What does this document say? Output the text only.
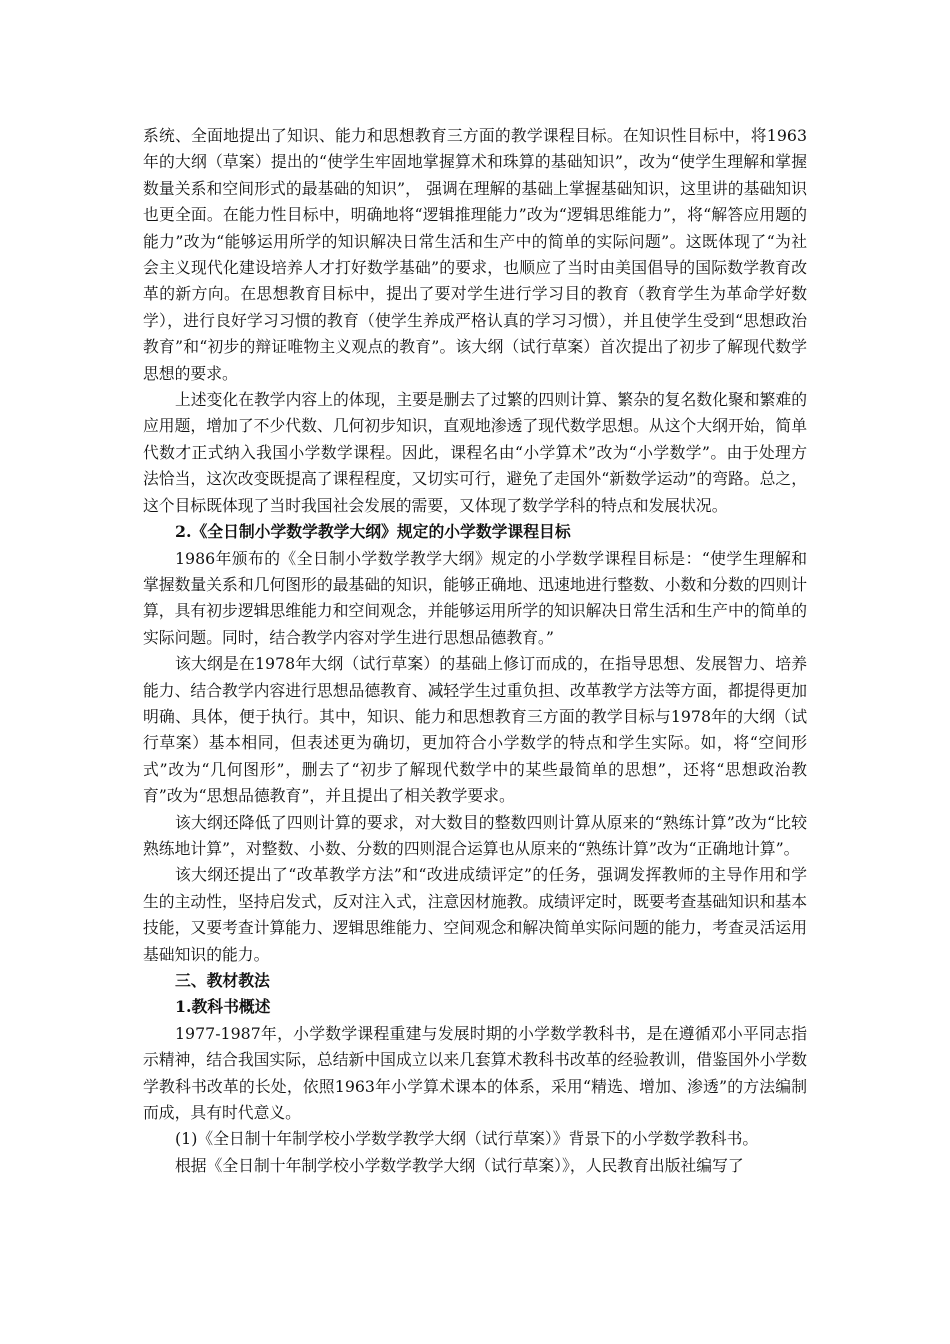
系统、全面地提出了知识、能力和思想教育三方面的教学课程目标。在知识性目标中，将1963年的大纲（草案）提出的“使学生牢固地掌握算术和珠算的基础知识”，改为“使学生理解和掌握数量关系和空间形式的最基础的知识”， 强调在理解的基础上掌握基础知识，这里讲的基础知识也更全面。在能力性目标中，明确地将“逻辑推理能力”改为“逻辑思维能力”，将“解答应用题的能力”改为“能够运用所学的知识解决日常生活和生产中的简单的实际问题”。这既体现了“为社会主义现代化建设培养人才打好数学基础”的要求，也顺应了当时由美国倡导的国际数学教育改革的新方向。在思想教育目标中，提出了要对学生进行学习目的教育（教育学生为革命学好数学），进行良好学习习惯的教育（使学生养成严格认真的学习习惯），并且使学生受到“思想政治教育”和“初步的辩证唯物主义观点的教育”。该大纲（试行草案）首次提出了初步了解现代数学思想的要求。

上述变化在教学内容上的体现，主要是删去了过繁的四则计算、繁杂的复名数化聚和繁难的应用题，增加了不少代数、几何初步知识，直观地渗透了现代数学思想。从这个大纲开始，简单代数才正式纳入我国小学数学课程。因此，课程名由“小学算术”改为“小学数学”。由于处理方法恰当，这次改变既提高了课程程度，又切实可行，避免了走国外“新数学运动”的弯路。总之，这个目标既体现了当时我国社会发展的需要，又体现了数学学科的特点和发展状况。

2.《全日制小学数学教学大纲》规定的小学数学课程目标

1986年颁布的《全日制小学数学教学大纲》规定的小学数学课程目标是：“使学生理解和掌握数量关系和几何图形的最基础的知识，能够正确地、迅速地进行整数、小数和分数的四则计算，具有初步逻辑思维能力和空间观念，并能够运用所学的知识解决日常生活和生产中的简单的实际问题。同时，结合教学内容对学生进行思想品德教育。”

该大纲是在1978年大纲（试行草案）的基础上修订而成的，在指导思想、发展智力、培养能力、结合教学内容进行思想品德教育、减轻学生过重负担、改革教学方法等方面，都提得更加明确、具体，便于执行。其中，知识、能力和思想教育三方面的教学目标与1978年的大纲（试行草案）基本相同，但表述更为确切，更加符合小学数学的特点和学生实际。如，将“空间形式”改为“几何图形”，删去了“初步了解现代数学中的某些最简单的思想”，还将“思想政治教育”改为“思想品德教育”，并且提出了相关教学要求。

该大纲还降低了四则计算的要求，对大数目的整数四则计算从原来的“熟练计算”改为“比较熟练地计算”，对整数、小数、分数的四则混合运算也从原来的“熟练计算”改为“正确地计算”。

该大纲还提出了“改革教学方法”和“改进成绩评定”的任务，强调发挥教师的主导作用和学生的主动性，坚持启发式，反对注入式，注意因材施教。成绩评定时，既要考查基础知识和基本技能，又要考查计算能力、逻辑思维能力、空间观念和解决简单实际问题的能力，考查灵活运用基础知识的能力。

三、教材教法

1.教科书概述

1977-1987年，小学数学课程重建与发展时期的小学数学教科书，是在遵循邓小平同志指示精神，结合我国实际，总结新中国成立以来几套算术教科书改革的经验教训，借鉴国外小学数学教科书改革的长处，依照1963年小学算术课本的体系，采用“精选、增加、渗透”的方法编制而成，具有时代意义。

(1)《全日制十年制学校小学数学教学大纲（试行草案）》背景下的小学数学教科书。

根据《全日制十年制学校小学数学教学大纲（试行草案）》，人民教育出版社编写了
